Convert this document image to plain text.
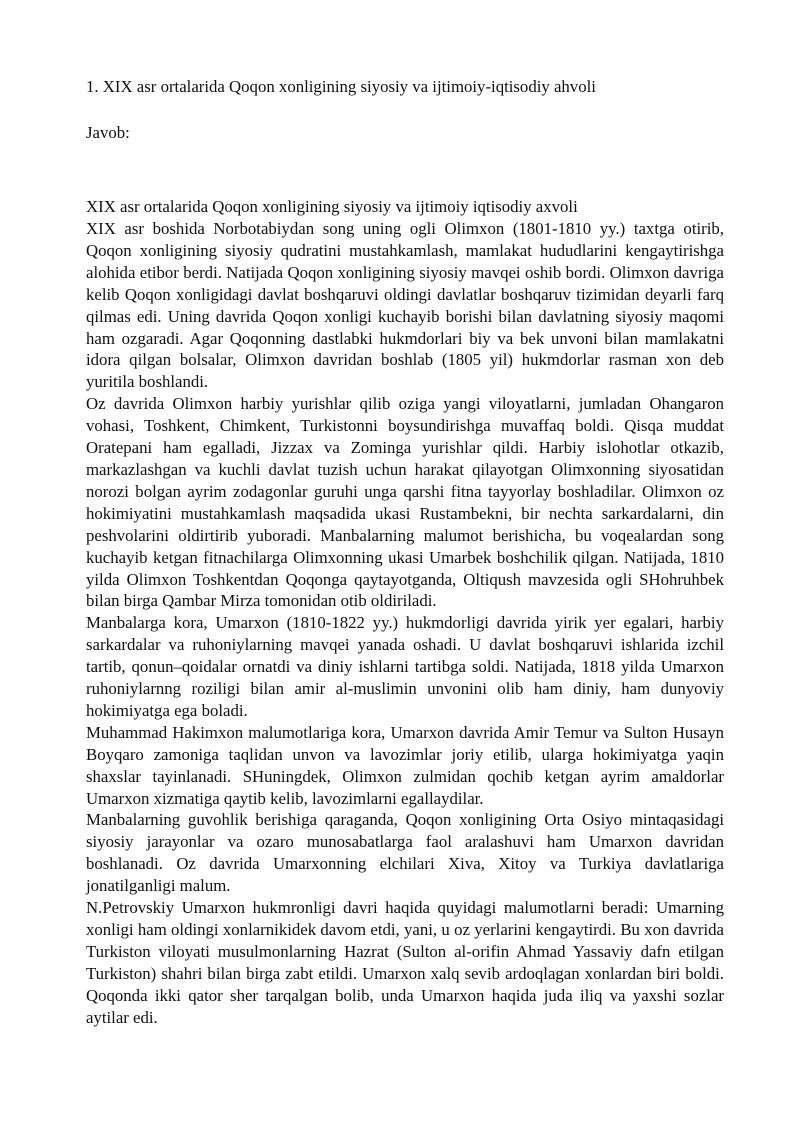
1. XIX asr ortalarida Qoqon xonligining siyosiy va ijtimoiy-iqtisodiy ahvoli

Javob:

XIX asr ortalarida Qoqon xonligining siyosiy va ijtimoiy iqtisodiy axvoli

XIX asr boshida Norbotabiydan song uning ogli Olimxon (1801-1810 yy.) taxtga otirib, Qoqon xonligining siyosiy qudratini mustahkamlash, mamlakat hududlarini kengaytirishga alohida etibor berdi. Natijada Qoqon xonligining siyosiy mavqei oshib bordi. Olimxon davriga kelib Qoqon xonligidagi davlat boshqaruvi oldingi davlatlar boshqaruv tizimidan deyarli farq qilmas edi. Uning davrida Qoqon xonligi kuchayib borishi bilan davlatning siyosiy maqomi ham ozgaradi. Agar Qoqonning dastlabki hukmdorlari biy va bek unvoni bilan mamlakatni idora qilgan bolsalar, Olimxon davridan boshlab (1805 yil) hukmdorlar rasman xon deb yuritila boshlandi.

Oz davrida Olimxon harbiy yurishlar qilib oziga yangi viloyatlarni, jumladan Ohangaron vohasi, Toshkent, Chimkent, Turkistonni boysundirishga muvaffaq boldi. Qisqa muddat Oratepani ham egalladi, Jizzax va Zominga yurishlar qildi. Harbiy islohotlar otkazib, markazlashgan va kuchli davlat tuzish uchun harakat qilayotgan Olimxonning siyosatidan norozi bolgan ayrim zodagonlar guruhi unga qarshi fitna tayyorlay boshladilar. Olimxon oz hokimiyatini mustahkamlash maqsadida ukasi Rustambekni, bir nechta sarkardalarni, din peshvolarini oldirtirib yuboradi. Manbalarning malumot berishicha, bu voqealardan song kuchayib ketgan fitnachilarga Olimxonning ukasi Umarbek boshchilik qilgan. Natijada, 1810 yilda Olimxon Toshkentdan Qoqonga qaytayotganda, Oltiqush mavzesida ogli SHohruhbek bilan birga Qambar Mirza tomonidan otib oldiriladi.

Manbalarga kora, Umarxon (1810-1822 yy.) hukmdorligi davrida yirik yer egalari, harbiy sarkardalar va ruhoniylarning mavqei yanada oshadi. U davlat boshqaruvi ishlarida izchil tartib, qonun–qoidalar ornatdi va diniy ishlarni tartibga soldi. Natijada, 1818 yilda Umarxon ruhoniylarnng roziligi bilan amir al-muslimin unvonini olib ham diniy, ham dunyoviy hokimiyatga ega boladi.

Muhammad Hakimxon malumotlariga kora, Umarxon davrida Amir Temur va Sulton Husayn Boyqaro zamoniga taqlidan unvon va lavozimlar joriy etilib, ularga hokimiyatga yaqin shaxslar tayinlanadi. SHuningdek, Olimxon zulmidan qochib ketgan ayrim amaldorlar Umarxon xizmatiga qaytib kelib, lavozimlarni egallaydilar.

Manbalarning guvohlik berishiga qaraganda, Qoqon xonligining Orta Osiyo mintaqasidagi siyosiy jarayonlar va ozaro munosabatlarga faol aralashuvi ham Umarxon davridan boshlanadi. Oz davrida Umarxonning elchilari Xiva, Xitoy va Turkiya davlatlariga jonatilganligi malum.

N.Petrovskiy Umarxon hukmronligi davri haqida quyidagi malumotlarni beradi: Umarning xonligi ham oldingi xonlarnikidek davom etdi, yani, u oz yerlarini kengaytirdi. Bu xon davrida Turkiston viloyati musulmonlarning Hazrat (Sulton al-orifin Ahmad Yassaviy dafn etilgan Turkiston) shahri bilan birga zabt etildi. Umarxon xalq sevib ardoqlagan xonlardan biri boldi. Qoqonda ikki qator sher tarqalgan bolib, unda Umarxon haqida juda iliq va yaxshi sozlar aytilar edi.
